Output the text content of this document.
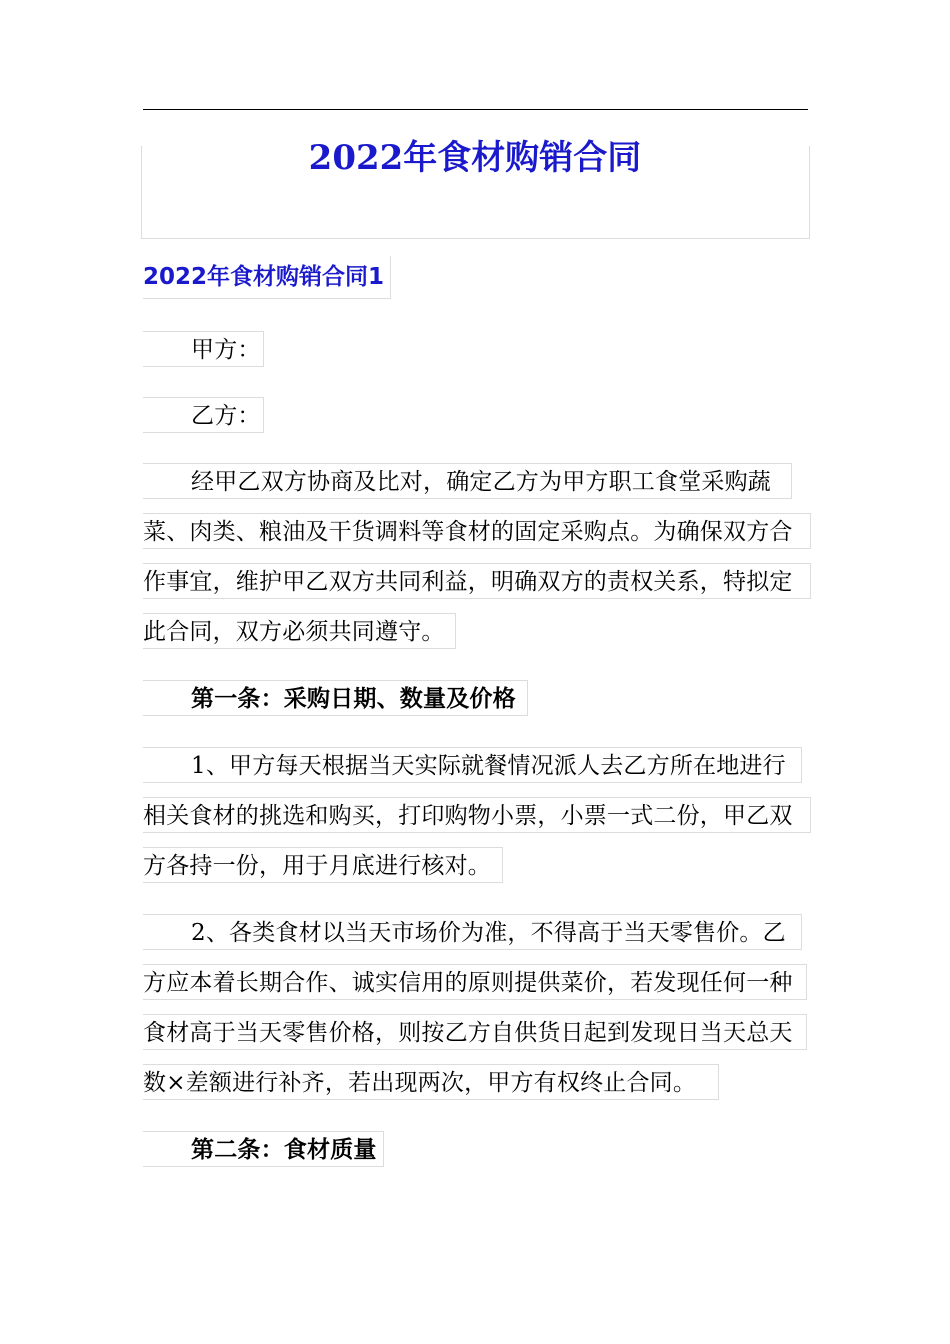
2022年食材购销合同
2022年食材购销合同1
甲方：
乙方：
经甲乙双方协商及比对，确定乙方为甲方职工食堂采购蔬
菜、肉类、粮油及干货调料等食材的固定采购点。为确保双方合
作事宜，维护甲乙双方共同利益，明确双方的责权关系，特拟定
此合同，双方必须共同遵守。
第一条：采购日期、数量及价格
1、甲方每天根据当天实际就餐情况派人去乙方所在地进行
相关食材的挑选和购买，打印购物小票，小票一式二份，甲乙双
方各持一份，用于月底进行核对。
2、各类食材以当天市场价为准，不得高于当天零售价。乙
方应本着长期合作、诚实信用的原则提供菜价，若发现任何一种
食材高于当天零售价格，则按乙方自供货日起到发现日当天总天
数×差额进行补齐，若出现两次，甲方有权终止合同。
第二条：食材质量
